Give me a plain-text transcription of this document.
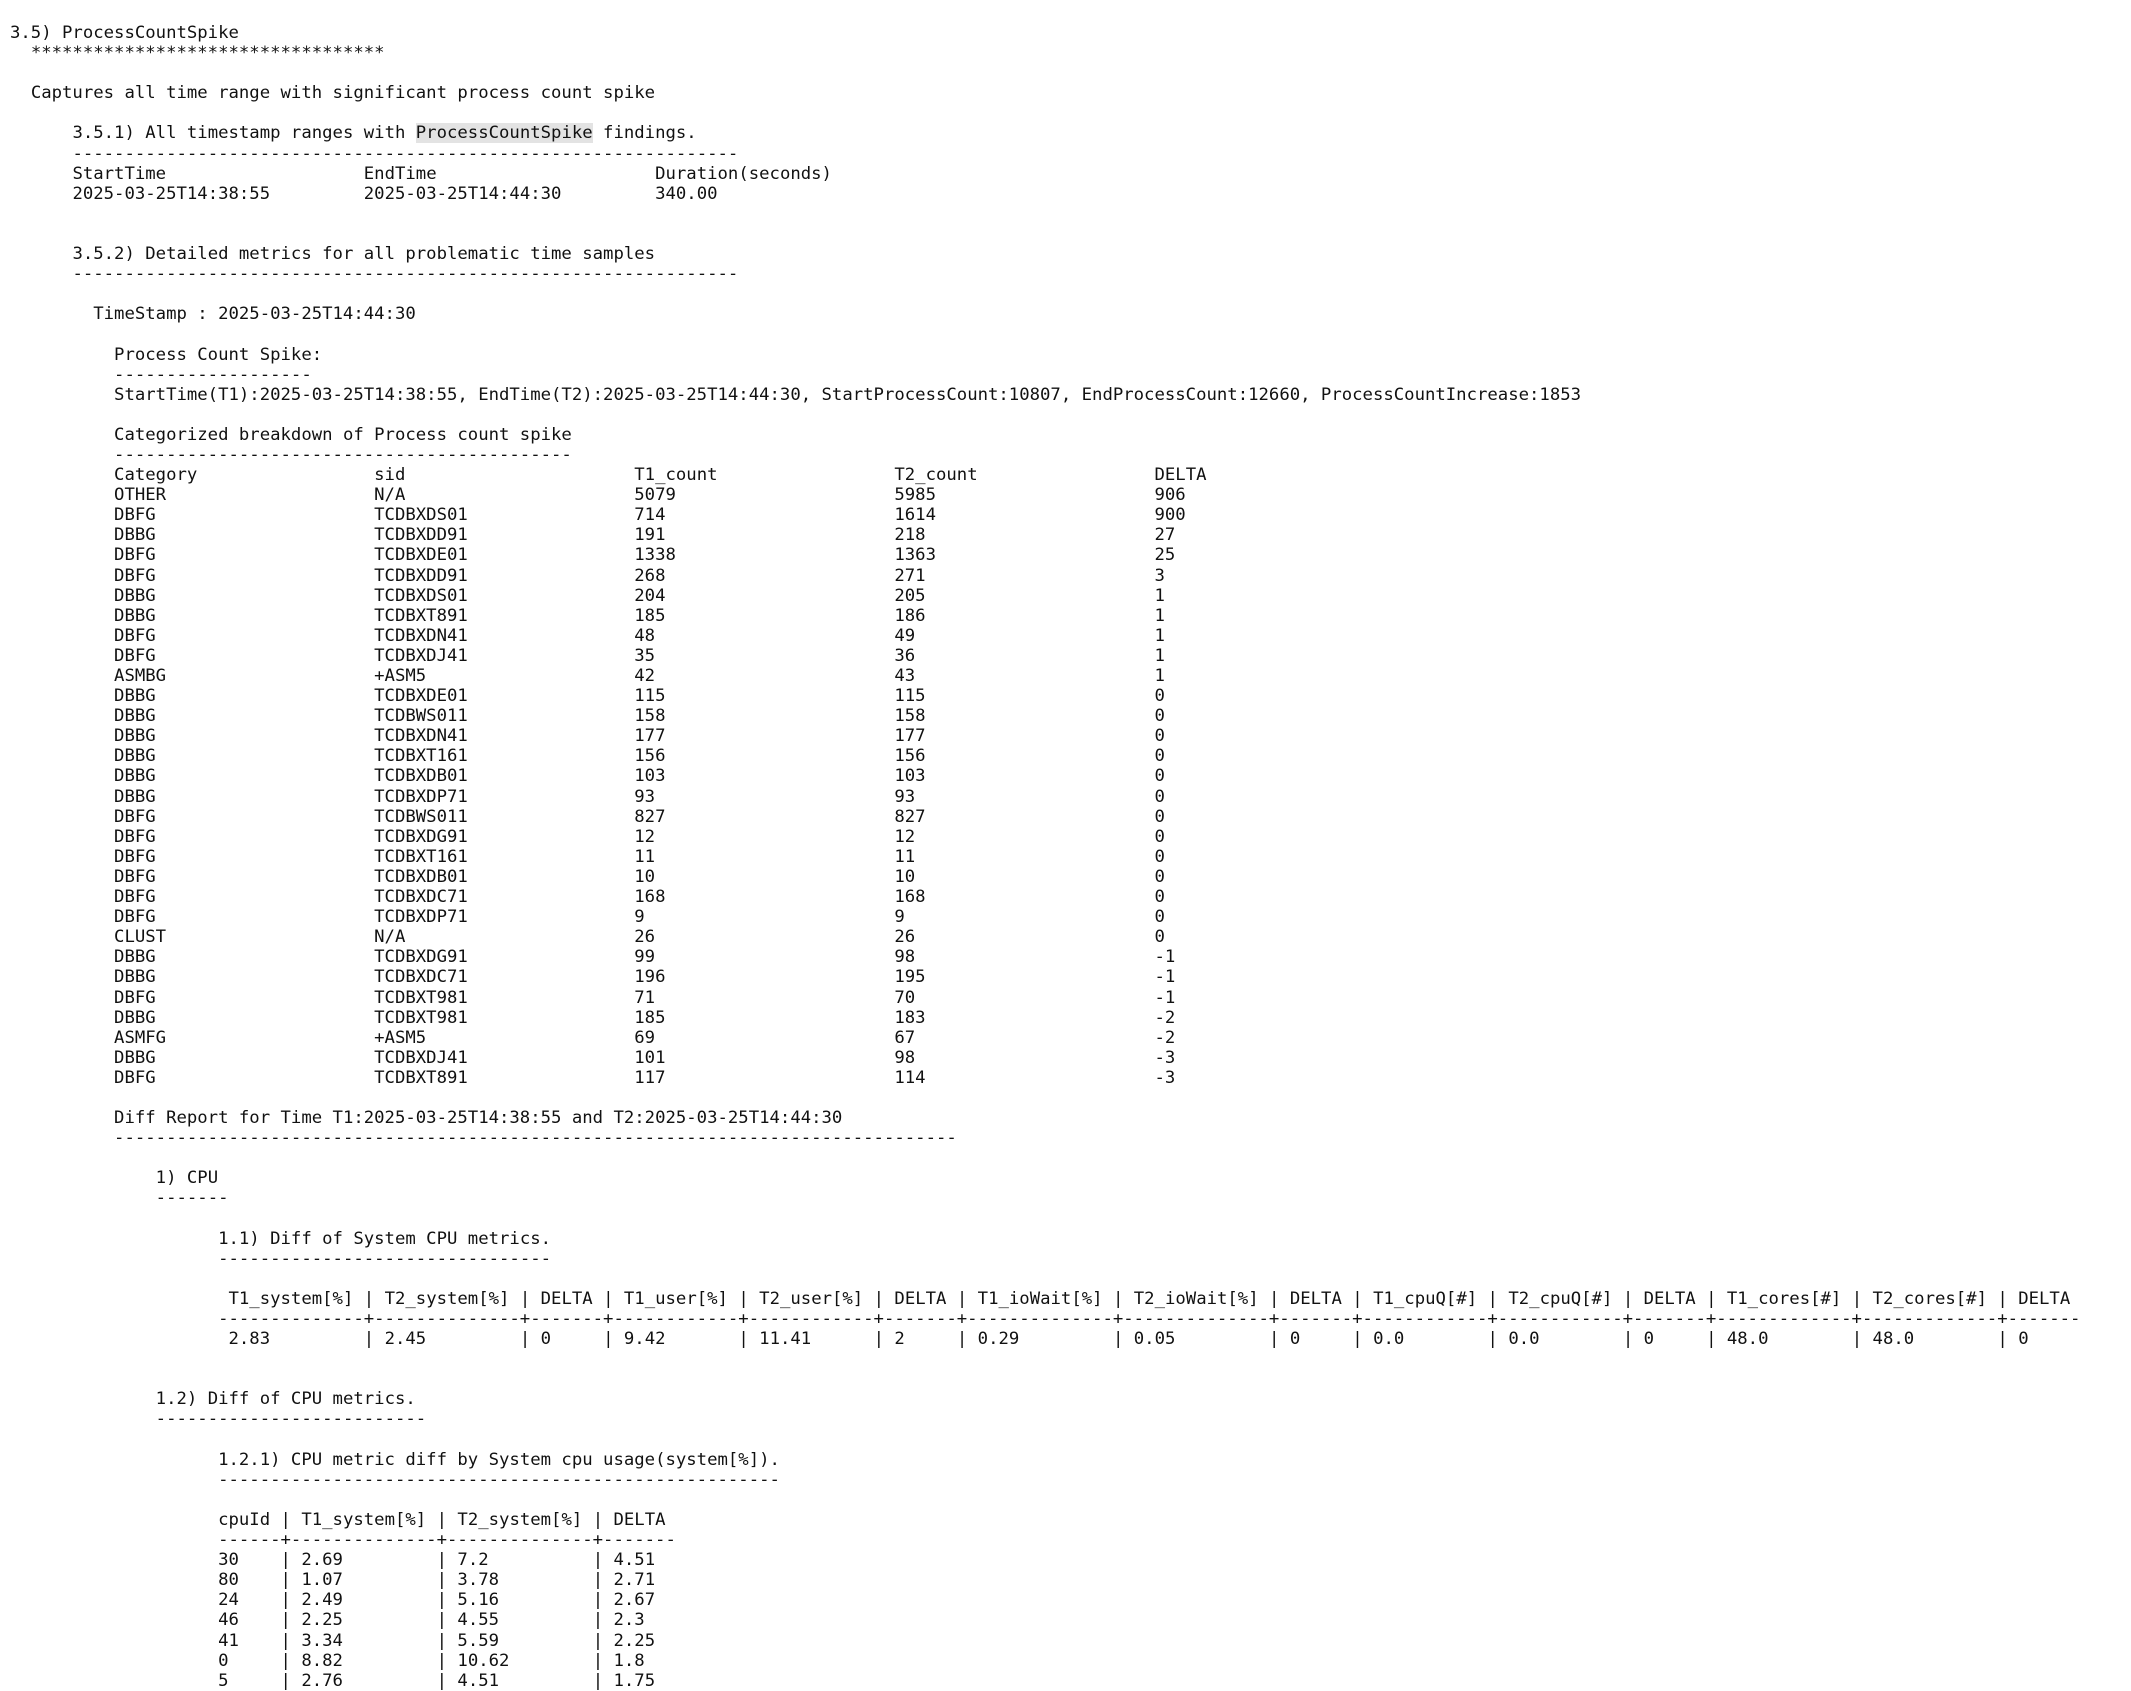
3.5) ProcessCountSpike
**********************************
Captures all time range with significant process count spike
3.5.1) All timestamp ranges with ProcessCountSpike findings.
----------------------------------------------------------------
StartTime                   EndTime                     Duration(seconds)
2025-03-25T14:38:55         2025-03-25T14:44:30         340.00
3.5.2) Detailed metrics for all problematic time samples
----------------------------------------------------------------
TimeStamp : 2025-03-25T14:44:30
Process Count Spike:
-------------------
StartTime(T1):2025-03-25T14:38:55, EndTime(T2):2025-03-25T14:44:30, StartProcessCount:10807, EndProcessCount:12660, ProcessCountIncrease:1853
Categorized breakdown of Process count spike
--------------------------------------------
Category                 sid                      T1_count                 T2_count                 DELTA
OTHER                    N/A                      5079                     5985                     906
DBFG                     TCDBXDS01                714                      1614                     900
DBBG                     TCDBXDD91                191                      218                      27
DBFG                     TCDBXDE01                1338                     1363                     25
DBFG                     TCDBXDD91                268                      271                      3
DBBG                     TCDBXDS01                204                      205                      1
DBBG                     TCDBXT891                185                      186                      1
DBFG                     TCDBXDN41                48                       49                       1
DBFG                     TCDBXDJ41                35                       36                       1
ASMBG                    +ASM5                    42                       43                       1
DBBG                     TCDBXDE01                115                      115                      0
DBBG                     TCDBWS011                158                      158                      0
DBBG                     TCDBXDN41                177                      177                      0
DBBG                     TCDBXT161                156                      156                      0
DBBG                     TCDBXDB01                103                      103                      0
DBBG                     TCDBXDP71                93                       93                       0
DBFG                     TCDBWS011                827                      827                      0
DBFG                     TCDBXDG91                12                       12                       0
DBFG                     TCDBXT161                11                       11                       0
DBFG                     TCDBXDB01                10                       10                       0
DBFG                     TCDBXDC71                168                      168                      0
DBFG                     TCDBXDP71                9                        9                        0
CLUST                    N/A                      26                       26                       0
DBBG                     TCDBXDG91                99                       98                       -1
DBBG                     TCDBXDC71                196                      195                      -1
DBFG                     TCDBXT981                71                       70                       -1
DBBG                     TCDBXT981                185                      183                      -2
ASMFG                    +ASM5                    69                       67                       -2
DBBG                     TCDBXDJ41                101                      98                       -3
DBFG                     TCDBXT891                117                      114                      -3
Diff Report for Time T1:2025-03-25T14:38:55 and T2:2025-03-25T14:44:30
---------------------------------------------------------------------------------
1) CPU
-------
1.1) Diff of System CPU metrics.
--------------------------------
T1_system[%] | T2_system[%] | DELTA | T1_user[%] | T2_user[%] | DELTA | T1_ioWait[%] | T2_ioWait[%] | DELTA | T1_cpuQ[#] | T2_cpuQ[#] | DELTA | T1_cores[#] | T2_cores[#] | DELTA
--------------+--------------+-------+------------+------------+-------+--------------+--------------+-------+------------+------------+-------+-------------+-------------+-------
2.83         | 2.45         | 0     | 9.42       | 11.41      | 2     | 0.29         | 0.05         | 0     | 0.0        | 0.0        | 0     | 48.0        | 48.0        | 0
1.2) Diff of CPU metrics.
--------------------------
1.2.1) CPU metric diff by System cpu usage(system[%]).
------------------------------------------------------
cpuId | T1_system[%] | T2_system[%] | DELTA
------+--------------+--------------+-------
30    | 2.69         | 7.2          | 4.51
80    | 1.07         | 3.78         | 2.71
24    | 2.49         | 5.16         | 2.67
46    | 2.25         | 4.55         | 2.3
41    | 3.34         | 5.59         | 2.25
0     | 8.82         | 10.62        | 1.8
5     | 2.76         | 4.51         | 1.75
